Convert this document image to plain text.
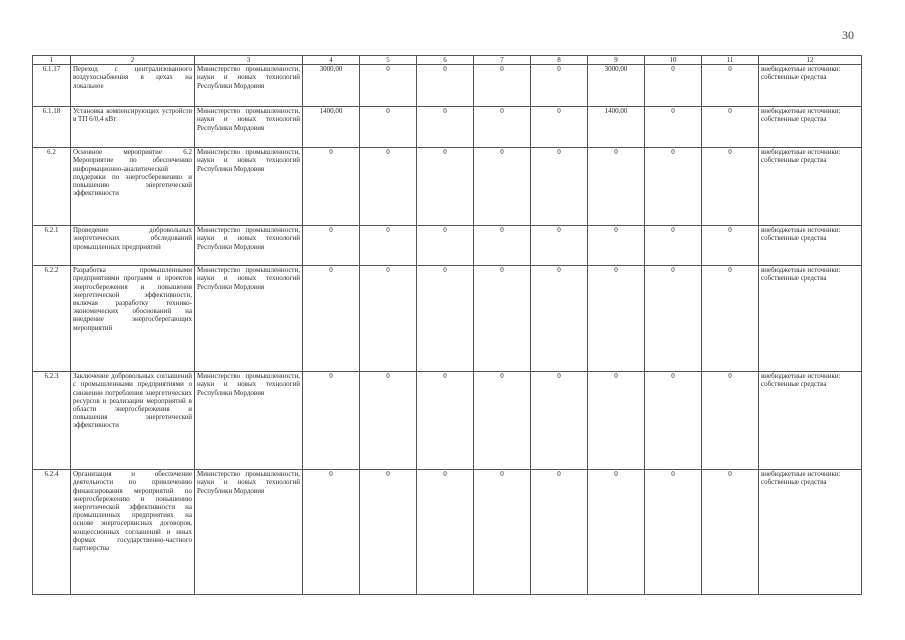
30
1	2	3	4	5	6	7	8	9	10	11	12
6.1.17	Переход с централизованного воздухоснабжения в цехах на локальное	Министерство промышленности, науки и новых технологий Республики Мордовия	3000,00	0	0	0	0	3000,00	0	0	внебюджетные источники: собственные средства
6.1.18	Установка компенсирующих устройств в ТП 6/0,4 кВт	Министерство промышленности, науки и новых технологий Республики Мордовия	1400,00	0	0	0	0	1400,00	0	0	внебюджетные источники: собственные средства
6.2	Основное мероприятие 6.2 Мероприятие по обеспечению информационно-аналитической поддержки по энергосбережению и повышению энергетической эффективности	Министерство промышленности, науки и новых технологий Республики Мордовия	0	0	0	0	0	0	0	0	внебюджетные источники: собственные средства
6.2.1	Проведение добровольных энергетических обследований промышленных предприятий	Министерство промышленности, науки и новых технологий Республики Мордовия	0	0	0	0	0	0	0	0	внебюджетные источники: собственные средства
6.2.2	Разработка промышленными предприятиями программ и проектов энергосбережения и повышения энергетической эффективности, включая разработку технико-экономических обоснований на внедрение энергосберегающих мероприятий	Министерство промышленности, науки и новых технологий Республики Мордовия	0	0	0	0	0	0	0	0	внебюджетные источники: собственные средства
6.2.3	Заключение добровольных соглашений с промышленными предприятиями о снижении потребления энергетических ресурсов и реализации мероприятий в области энергосбережения и повышения энергетической эффективности	Министерство промышленности, науки и новых технологий Республики Мордовия	0	0	0	0	0	0	0	0	внебюджетные источники: собственные средства
6.2.4	Организация и обеспечение деятельности по привлечению финансирования мероприятий по энергосбережению и повышению энергетической эффективности на промышленных предприятиях на основе энергосервисных договоров, концессионных соглашений и иных формах государственно-частного партнерства	Министерство промышленности, науки и новых технологий Республики Мордовия	0	0	0	0	0	0	0	0	внебюджетные источники: собственные средства
